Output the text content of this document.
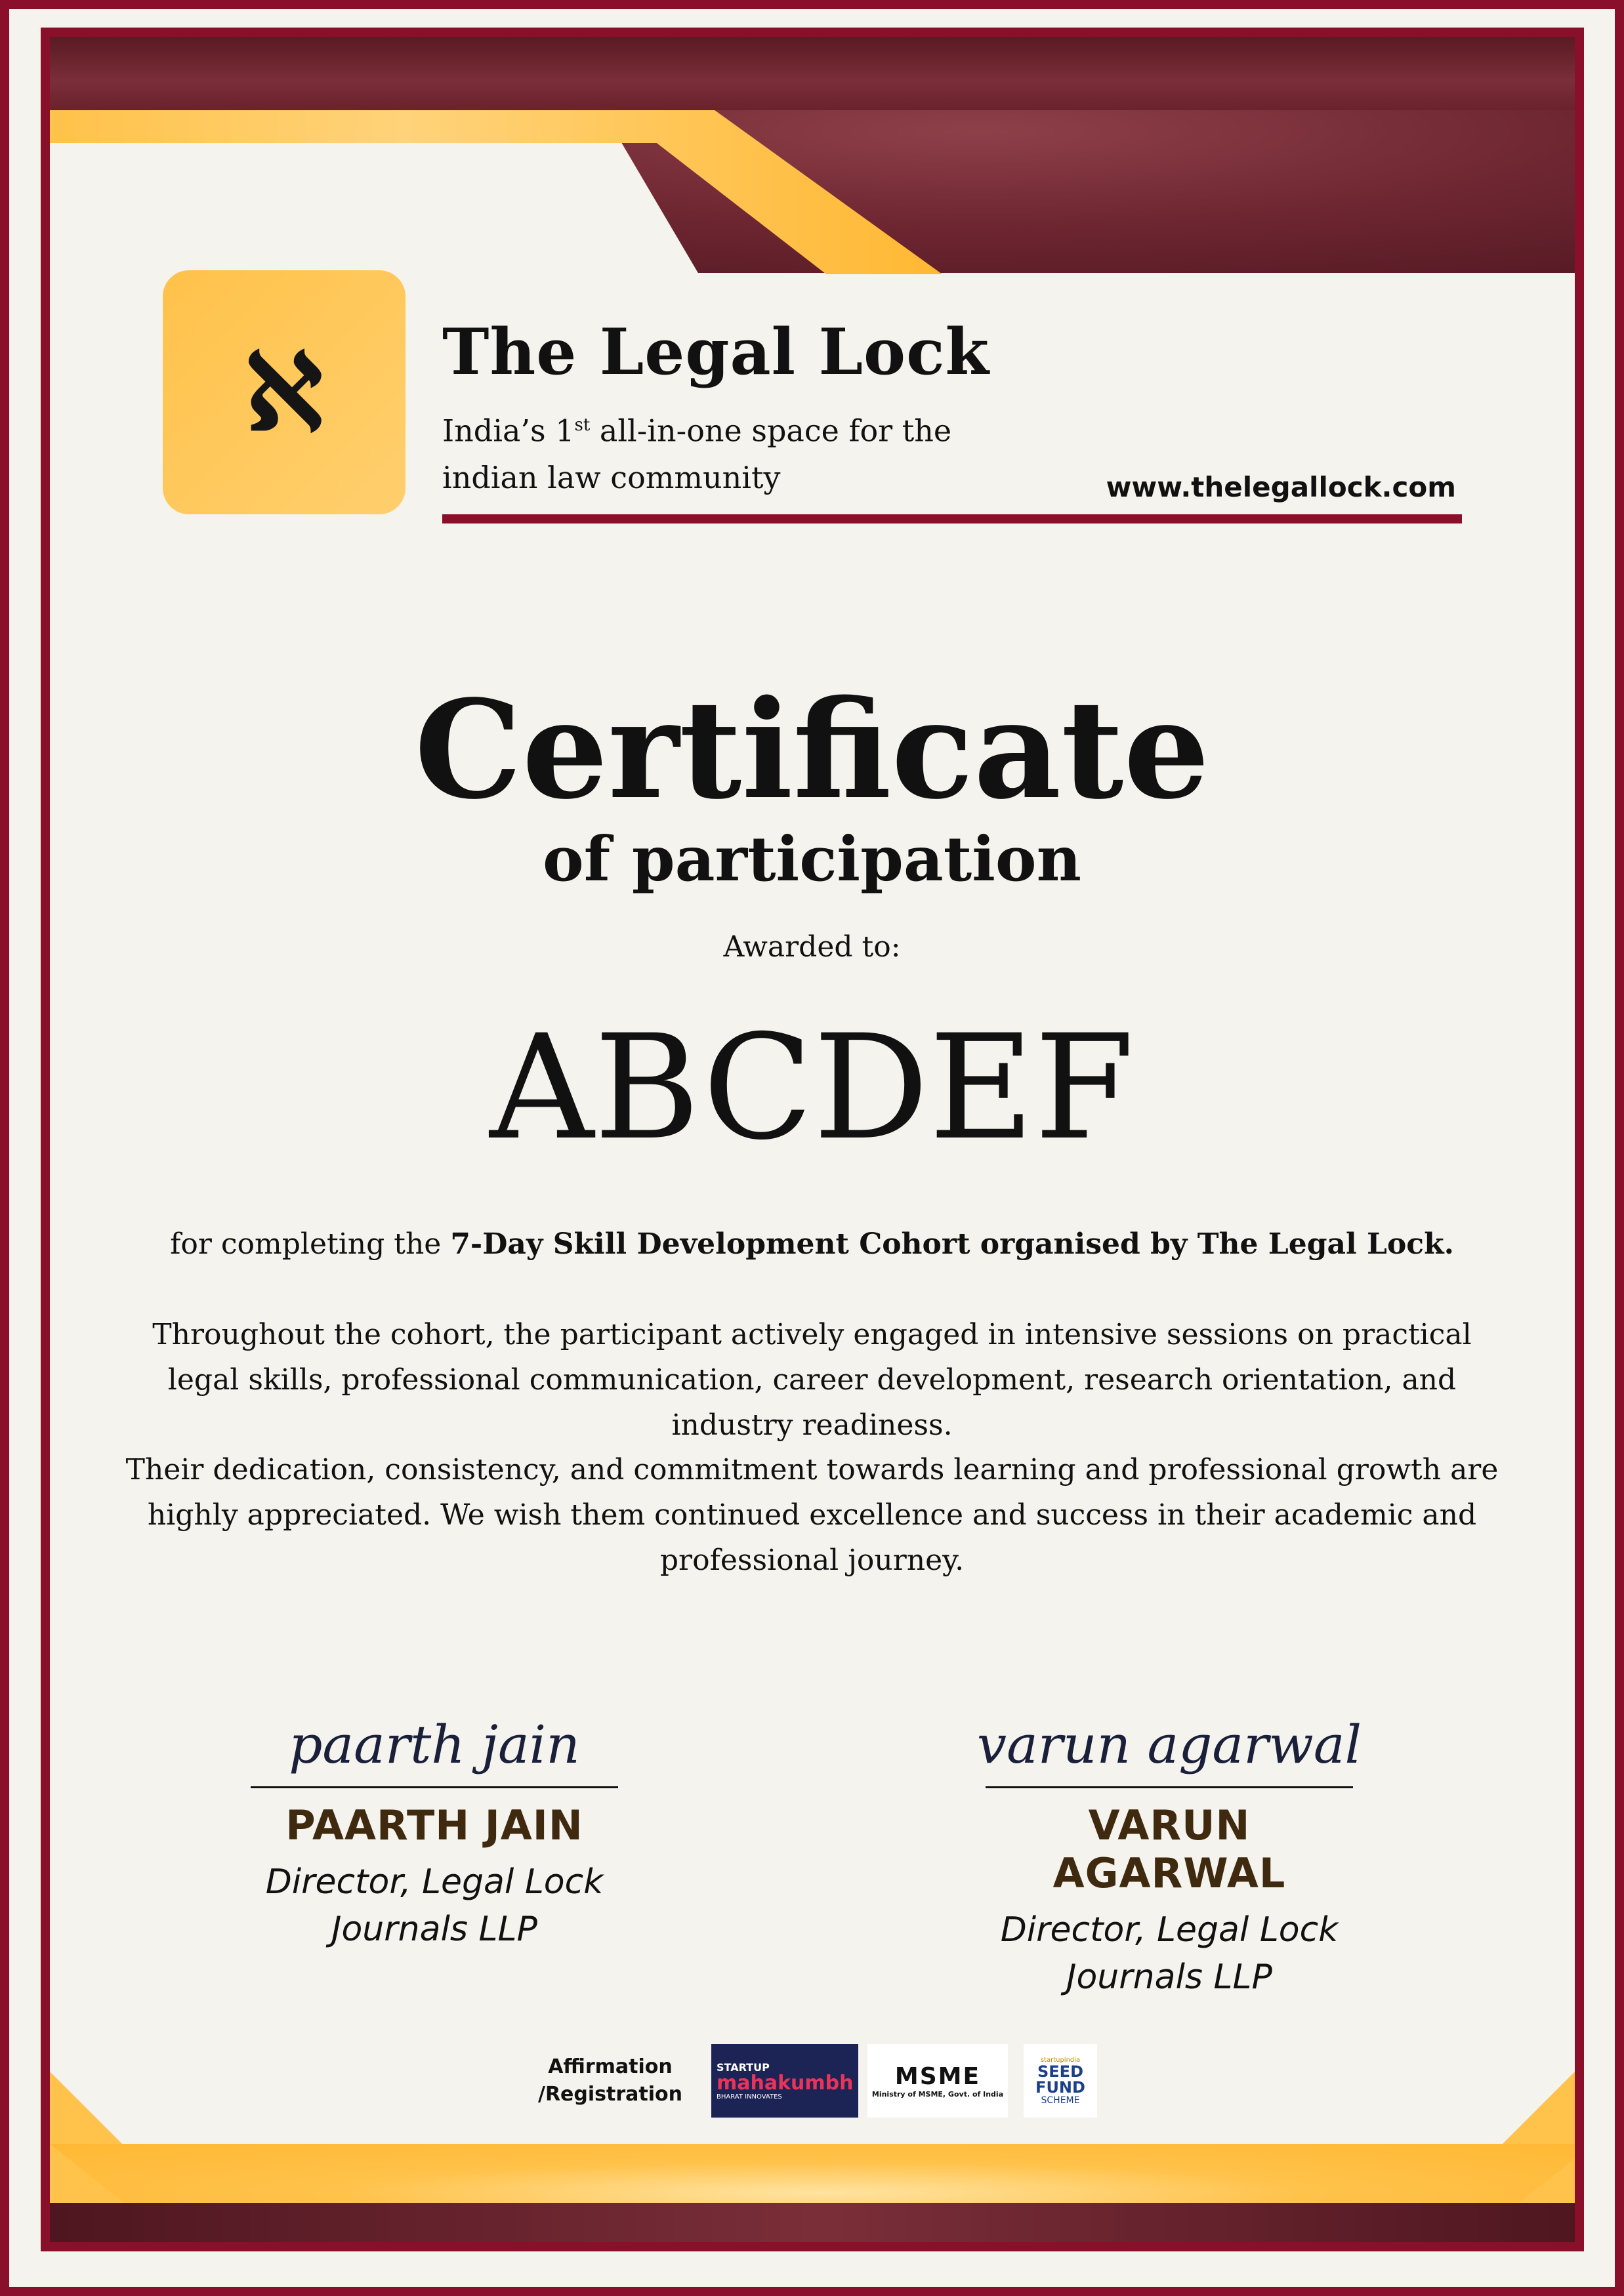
ℵ The Legal Lock
India’s 1st all-in-one space for the indian law community	www.thelegallock.com
Certificate
of participation
Awarded to:
ABCDEF
for completing the 7-Day Skill Development Cohort organised by The Legal Lock.
Throughout the cohort, the participant actively engaged in intensive sessions on practical legal skills, professional communication, career development, research orientation, and industry readiness.
Their dedication, consistency, and commitment towards learning and professional growth are highly appreciated. We wish them continued excellence and success in their academic and professional journey.
paarth jain
PAARTH JAIN
Director, Legal Lock Journals LLP
varun agarwal
VARUN AGARWAL
Director, Legal Lock Journals LLP
Affirmation /Registration
STARTUP
mahakumbh
BHARAT INNOVATES
MSME
Ministry of MSME, Govt. of India
startupindia
SEED
FUND
SCHEME
